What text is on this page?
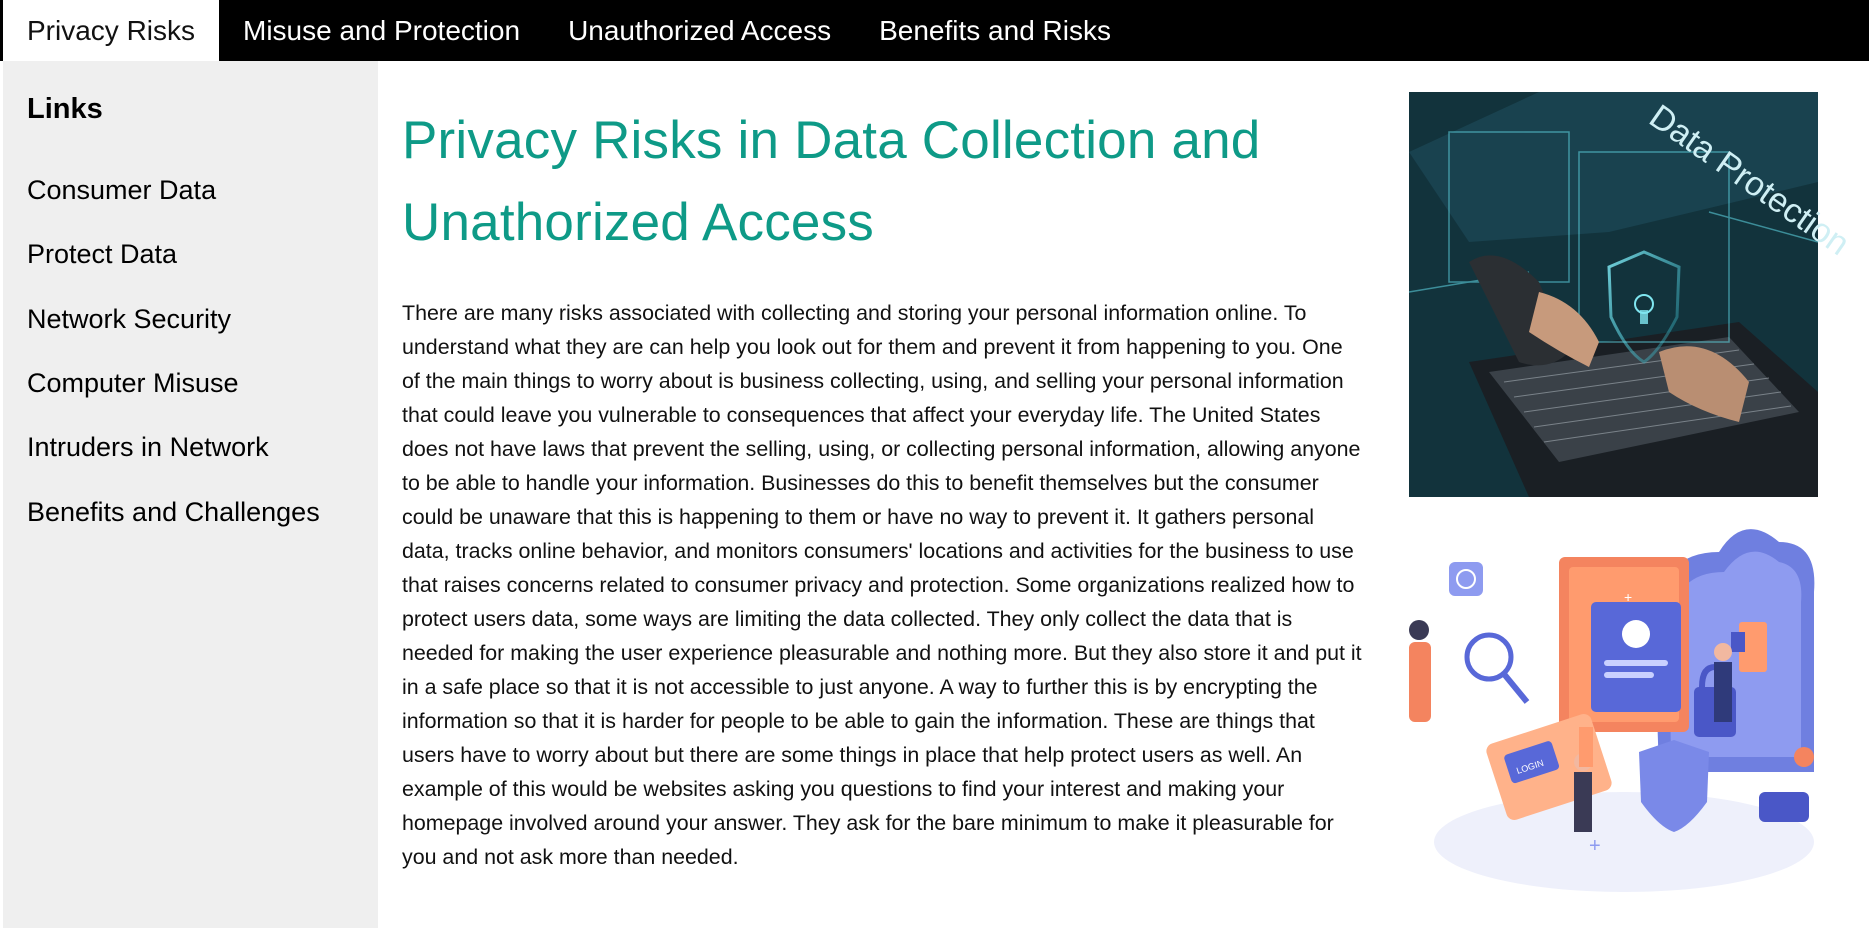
Privacy Risks	Misuse and Protection	Unauthorized Access	Benefits and Risks
Links
Consumer Data
Protect Data
Network Security
Computer Misuse
Intruders in Network
Benefits and Challenges
Privacy Risks in Data Collection and
Unathorized Access

There are many risks associated with collecting and storing your personal information online. To understand what they are can help you look out for them and prevent it from happening to you. One of the main things to worry about is business collecting, using, and selling your personal information that could leave you vulnerable to consequences that affect your everyday life. The United States does not have laws that prevent the selling, using, or collecting personal information, allowing anyone to be able to handle your information. Businesses do this to benefit themselves but the consumer could be unaware that this is happening to them or have no way to prevent it. It gathers personal data, tracks online behavior, and monitors consumers' locations and activities for the business to use that raises concerns related to consumer privacy and protection. Some organizations realized how to protect users data, some ways are limiting the data collected. They only collect the data that is needed for making the user experience pleasurable and nothing more. But they also store it and put it in a safe place so that it is not accessible to just anyone. A way to further this is by encrypting the information so that it is harder for people to be able to gain the information. These are things that users have to worry about but there are some things in place that help protect users as well. An example of this would be websites asking you questions to find your interest and making your homepage involved around your answer. They ask for the bare minimum to make it pleasurable for you and not ask more than needed.

Data Protection
LOGIN
+
+
